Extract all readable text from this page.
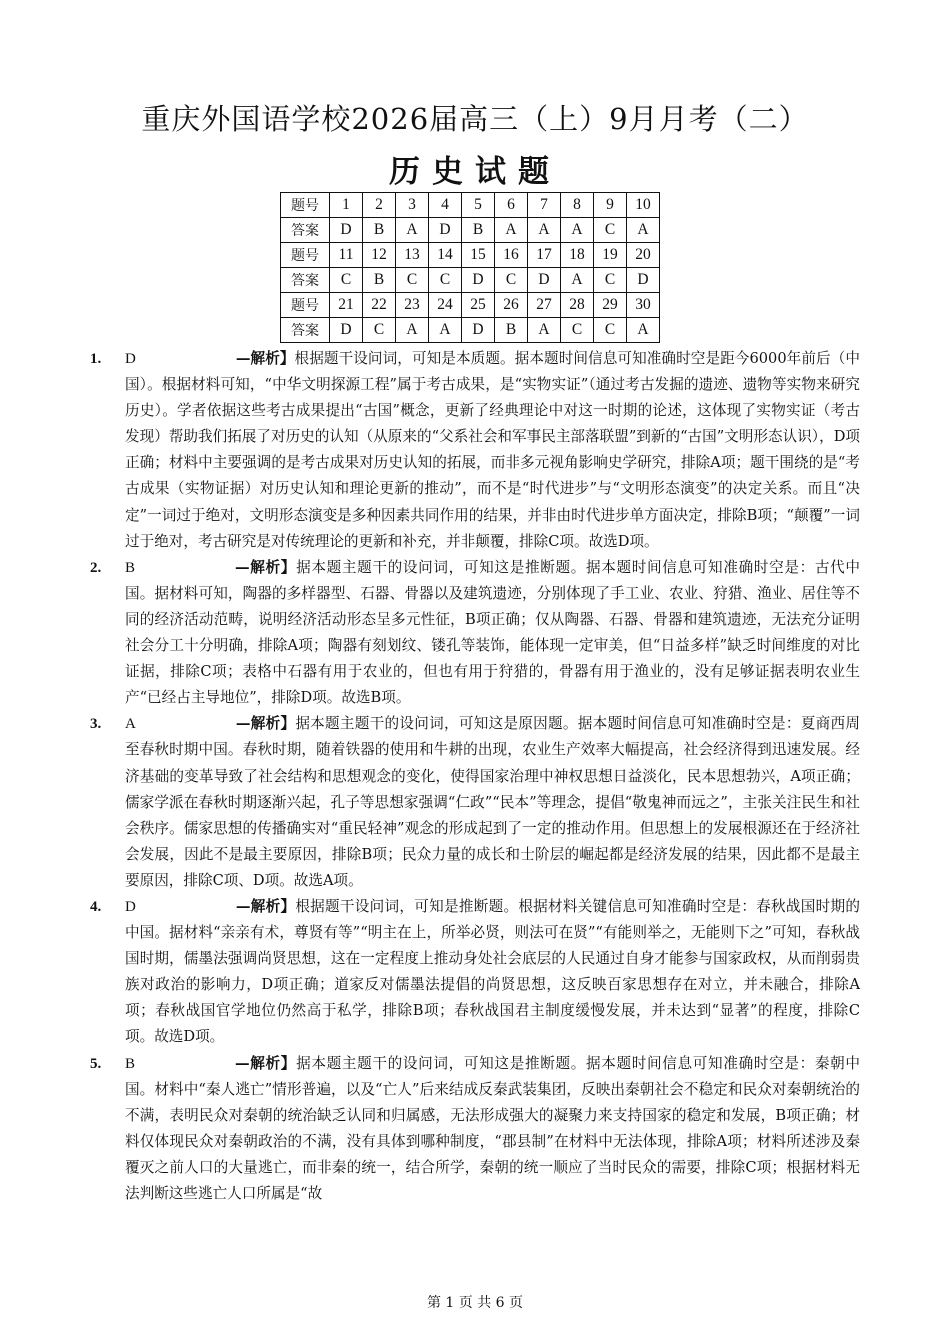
重庆外国语学校2026届高三（上）9月月考（二）
历史试题
题号	1	2	3	4	5	6	7	8	9	10
答案	D	B	A	D	B	A	A	A	C	A
题号	11	12	13	14	15	16	17	18	19	20
答案	C	B	C	C	D	C	D	A	C	D
题号	21	22	23	24	25	26	27	28	29	30
答案	D	C	A	A	D	B	A	C	C	A
1. D	—解析】根据题干设问词，可知是本质题。据本题时间信息可知准确时空是距今6000年前后（中国）。根据材料可知，“中华文明探源工程”属于考古成果，是“实物实证”（通过考古发掘的遗迹、遗物等实物来研究历史）。学者依据这些考古成果提出“古国”概念，更新了经典理论中对这一时期的论述，这体现了实物实证（考古发现）帮助我们拓展了对历史的认知（从原来的“父系社会和军事民主部落联盟”到新的“古国”文明形态认识），D项正确；材料中主要强调的是考古成果对历史认知的拓展，而非多元视角影响史学研究，排除A项；题干围绕的是“考古成果（实物证据）对历史认知和理论更新的推动”，而不是“时代进步”与“文明形态演变”的决定关系。而且“决定”一词过于绝对，文明形态演变是多种因素共同作用的结果，并非由时代进步单方面决定，排除B项；“颠覆”一词过于绝对，考古研究是对传统理论的更新和补充，并非颠覆，排除C项。故选D项。
2. B	—解析】据本题主题干的设问词，可知这是推断题。据本题时间信息可知准确时空是：古代中国。据材料可知，陶器的多样器型、石器、骨器以及建筑遗迹，分别体现了手工业、农业、狩猎、渔业、居住等不同的经济活动范畴，说明经济活动形态呈多元性征，B项正确；仅从陶器、石器、骨器和建筑遗迹，无法充分证明社会分工十分明确，排除A项；陶器有刻划纹、镂孔等装饰，能体现一定审美，但“日益多样”缺乏时间维度的对比证据，排除C项；表格中石器有用于农业的，但也有用于狩猎的，骨器有用于渔业的，没有足够证据表明农业生产“已经占主导地位”，排除D项。故选B项。
3. A	—解析】据本题主题干的设问词，可知这是原因题。据本题时间信息可知准确时空是：夏商西周至春秋时期中国。春秋时期，随着铁器的使用和牛耕的出现，农业生产效率大幅提高，社会经济得到迅速发展。经济基础的变革导致了社会结构和思想观念的变化，使得国家治理中神权思想日益淡化，民本思想勃兴，A项正确；儒家学派在春秋时期逐渐兴起，孔子等思想家强调“仁政”“民本”等理念，提倡“敬鬼神而远之”，主张关注民生和社会秩序。儒家思想的传播确实对“重民轻神”观念的形成起到了一定的推动作用。但思想上的发展根源还在于经济社会发展，因此不是最主要原因，排除B项；民众力量的成长和士阶层的崛起都是经济发展的结果，因此都不是最主要原因，排除C项、D项。故选A项。
4. D	—解析】根据题干设问词，可知是推断题。根据材料关键信息可知准确时空是：春秋战国时期的中国。据材料“亲亲有术，尊贤有等”“明主在上，所举必贤，则法可在贤”“有能则举之，无能则下之”可知，春秋战国时期，儒墨法强调尚贤思想，这在一定程度上推动身处社会底层的人民通过自身才能参与国家政权，从而削弱贵族对政治的影响力，D项正确；道家反对儒墨法提倡的尚贤思想，这反映百家思想存在对立，并未融合，排除A项；春秋战国官学地位仍然高于私学，排除B项；春秋战国君主制度缓慢发展，并未达到“显著”的程度，排除C项。故选D项。
5. B	—解析】据本题主题干的设问词，可知这是推断题。据本题时间信息可知准确时空是：秦朝中国。材料中“秦人逃亡”情形普遍，以及“亡人”后来结成反秦武装集团，反映出秦朝社会不稳定和民众对秦朝统治的不满，表明民众对秦朝的统治缺乏认同和归属感，无法形成强大的凝聚力来支持国家的稳定和发展，B项正确；材料仅体现民众对秦朝政治的不满，没有具体到哪种制度，“郡县制”在材料中无法体现，排除A项；材料所述涉及秦覆灭之前人口的大量逃亡，而非秦的统一，结合所学，秦朝的统一顺应了当时民众的需要，排除C项；根据材料无法判断这些逃亡人口所属是“故
第 1 页 共 6 页
